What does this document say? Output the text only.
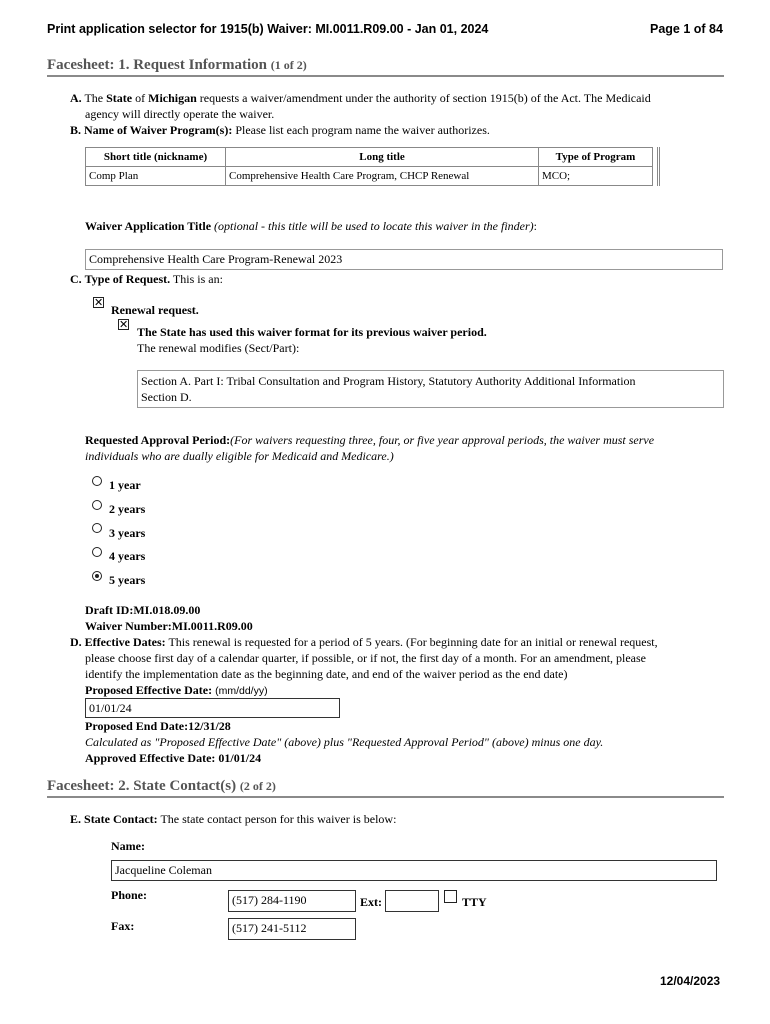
Print application selector for 1915(b) Waiver: MI.0011.R09.00 - Jan 01, 2024	Page 1 of 84
Facesheet: 1. Request Information (1 of 2)
A. The State of Michigan requests a waiver/amendment under the authority of section 1915(b) of the Act. The Medicaid
agency will directly operate the waiver.
B. Name of Waiver Program(s): Please list each program name the waiver authorizes.
Short title (nickname)	Long title	Type of Program
Comp Plan	Comprehensive Health Care Program, CHCP Renewal	MCO;
Waiver Application Title (optional - this title will be used to locate this waiver in the finder):
Comprehensive Health Care Program-Renewal 2023
C. Type of Request. This is an:
✕
Renewal request.
✕
The State has used this waiver format for its previous waiver period.
The renewal modifies (Sect/Part):
Section A. Part I: Tribal Consultation and Program History, Statutory Authority Additional Information
Section D.
Requested Approval Period:(For waivers requesting three, four, or five year approval periods, the waiver must serve
individuals who are dually eligible for Medicaid and Medicare.)
1 year
2 years
3 years
4 years
5 years
Draft ID:MI.018.09.00
Waiver Number:MI.0011.R09.00
D. Effective Dates: This renewal is requested for a period of 5 years. (For beginning date for an initial or renewal request,
please choose first day of a calendar quarter, if possible, or if not, the first day of a month. For an amendment, please
identify the implementation date as the beginning date, and end of the waiver period as the end date)
Proposed Effective Date: (mm/dd/yy)
01/01/24
Proposed End Date:12/31/28
Calculated as "Proposed Effective Date" (above) plus "Requested Approval Period" (above) minus one day.
Approved Effective Date: 01/01/24
Facesheet: 2. State Contact(s) (2 of 2)
E. State Contact: The state contact person for this waiver is below:
Name:
Jacqueline Coleman
Phone:	(517) 284-1190	Ext:	TTY
Fax:	(517) 241-5112
12/04/2023
